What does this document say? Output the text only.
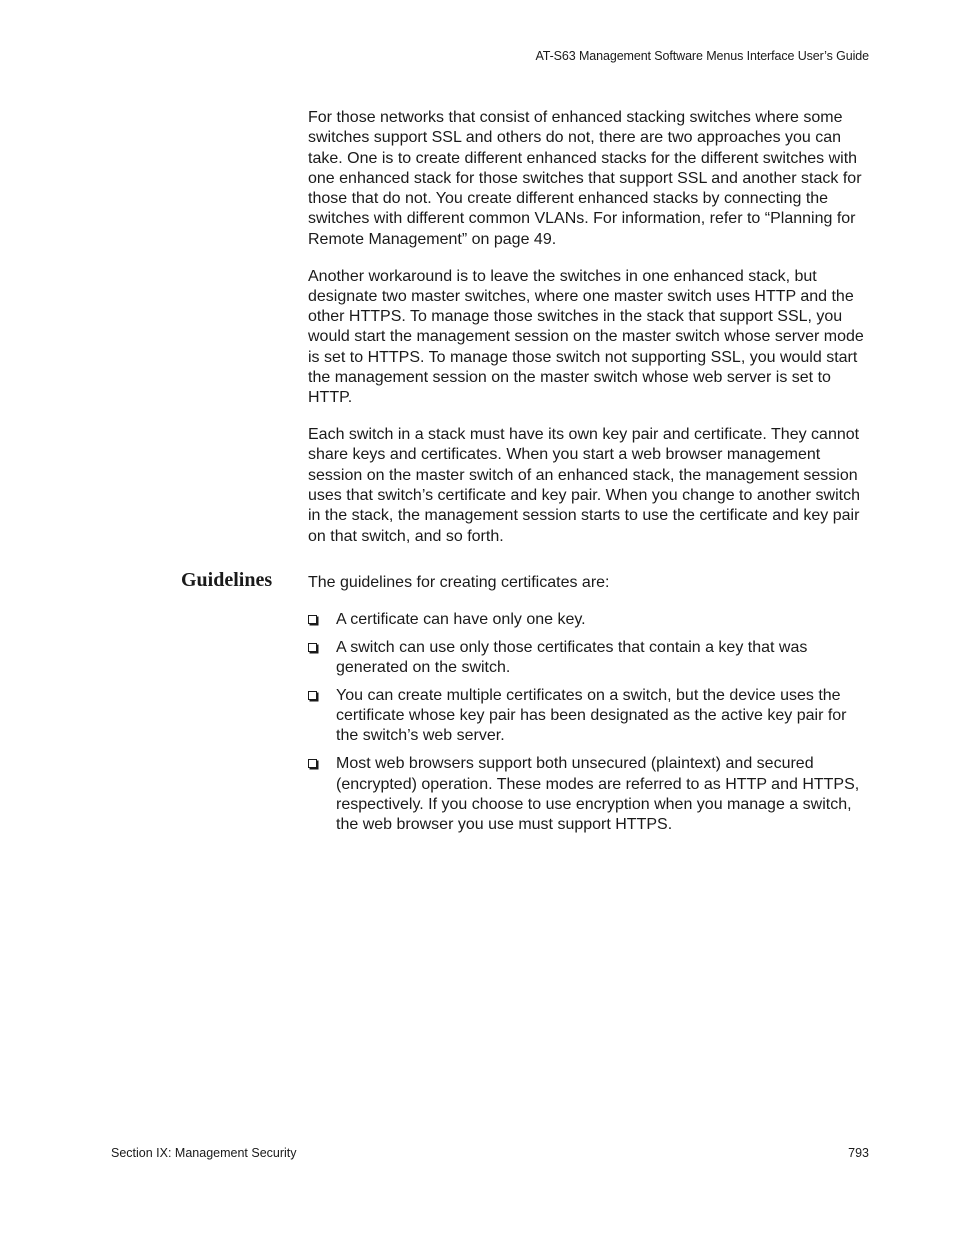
AT-S63 Management Software Menus Interface User’s Guide

For those networks that consist of enhanced stacking switches where some switches support SSL and others do not, there are two approaches you can take. One is to create different enhanced stacks for the different switches with one enhanced stack for those switches that support SSL and another stack for those that do not. You create different enhanced stacks by connecting the switches with different common VLANs. For information, refer to “Planning for Remote Management” on page 49.

Another workaround is to leave the switches in one enhanced stack, but designate two master switches, where one master switch uses HTTP and the other HTTPS. To manage those switches in the stack that support SSL, you would start the management session on the master switch whose server mode is set to HTTPS. To manage those switch not supporting SSL, you would start the management session on the master switch whose web server is set to HTTP.

Each switch in a stack must have its own key pair and certificate. They cannot share keys and certificates. When you start a web browser management session on the master switch of an enhanced stack, the management session uses that switch’s certificate and key pair. When you change to another switch in the stack, the management session starts to use the certificate and key pair on that switch, and so forth.

Guidelines The guidelines for creating certificates are:
A certificate can have only one key.
A switch can use only those certificates that contain a key that was generated on the switch.
You can create multiple certificates on a switch, but the device uses the certificate whose key pair has been designated as the active key pair for the switch’s web server.
Most web browsers support both unsecured (plaintext) and secured (encrypted) operation. These modes are referred to as HTTP and HTTPS, respectively. If you choose to use encryption when you manage a switch, the web browser you use must support HTTPS.
Section IX: Management Security	793
